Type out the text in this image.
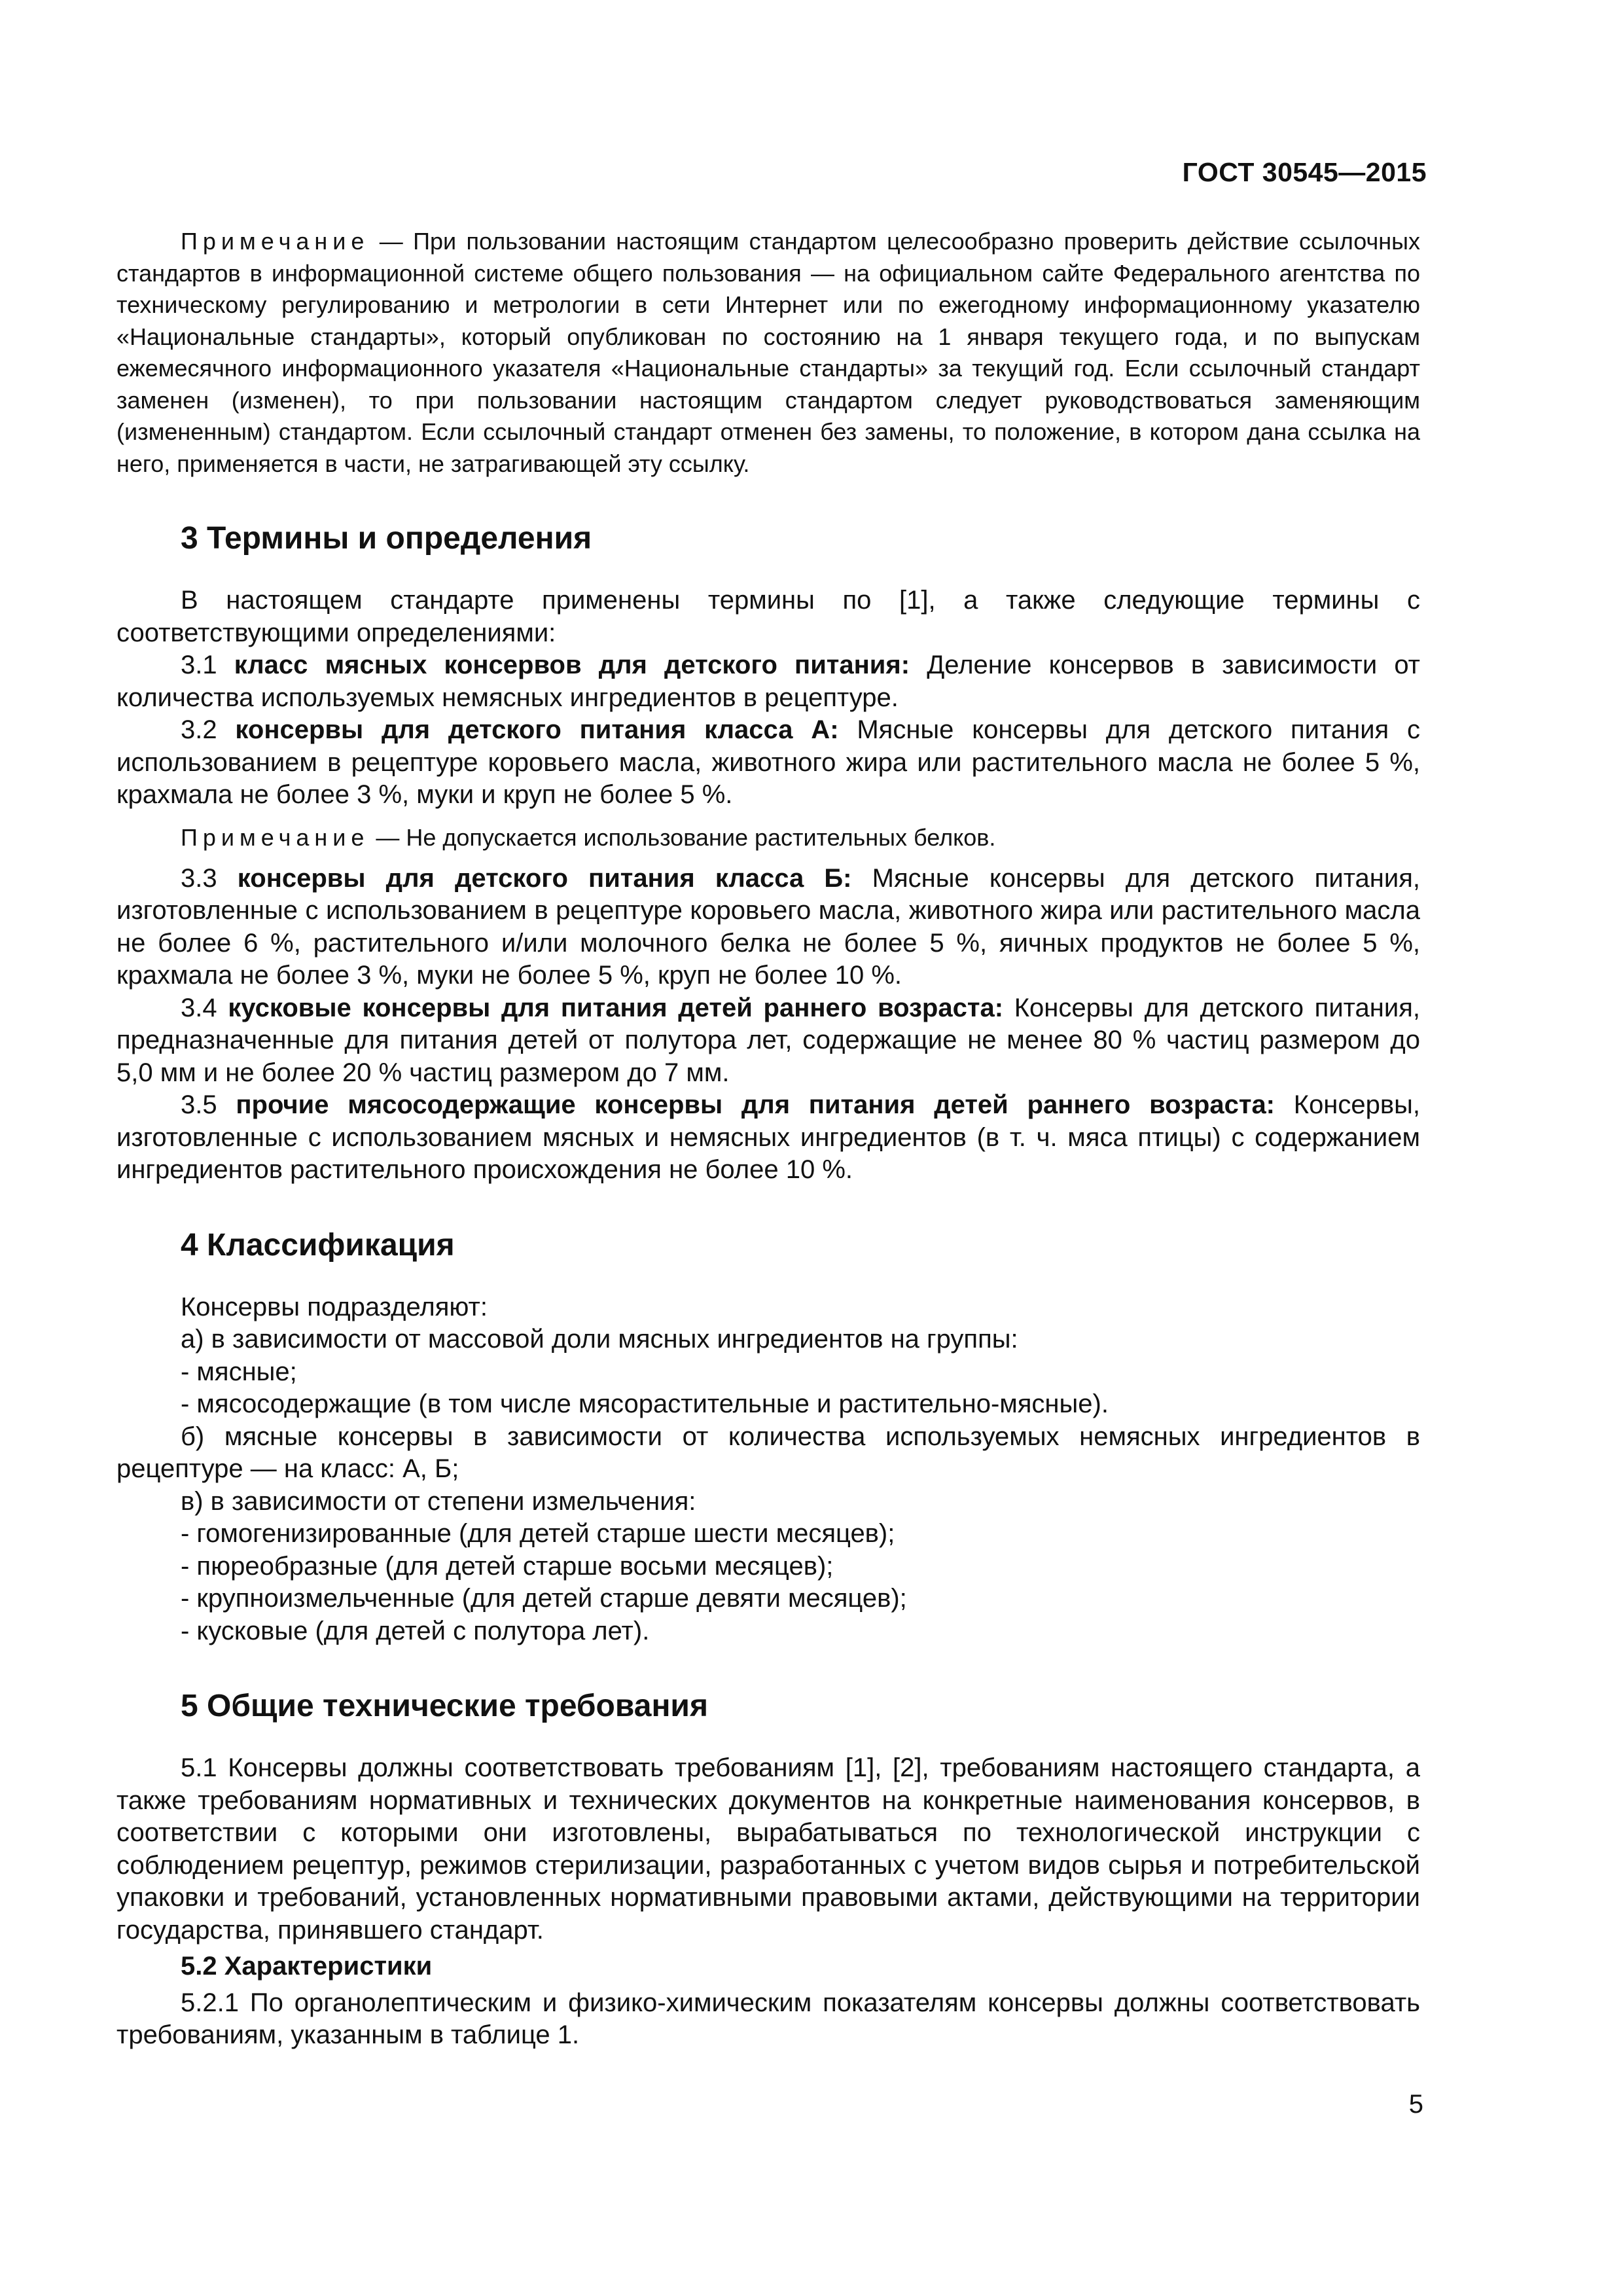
ГОСТ 30545—2015

Примечание — При пользовании настоящим стандартом целесообразно проверить действие ссылочных стандартов в информационной системе общего пользования — на официальном сайте Федерального агентства по техническому регулированию и метрологии в сети Интернет или по ежегодному информационному указателю «Национальные стандарты», который опубликован по состоянию на 1 января текущего года, и по выпускам ежемесячного информационного указателя «Национальные стандарты» за текущий год. Если ссылочный стандарт заменен (изменен), то при пользовании настоящим стандартом следует руководствоваться заменяющим (измененным) стандартом. Если ссылочный стандарт отменен без замены, то положение, в котором дана ссылка на него, применяется в части, не затрагивающей эту ссылку.

3 Термины и определения

В настоящем стандарте применены термины по [1], а также следующие термины с соответствующими определениями:

3.1 класс мясных консервов для детского питания: Деление консервов в зависимости от количества используемых немясных ингредиентов в рецептуре.

3.2 консервы для детского питания класса А: Мясные консервы для детского питания с использованием в рецептуре коровьего масла, животного жира или растительного масла не более 5 %, крахмала не более 3 %, муки и круп не более 5 %.

Примечание — Не допускается использование растительных белков.

3.3 консервы для детского питания класса Б: Мясные консервы для детского питания, изготовленные с использованием в рецептуре коровьего масла, животного жира или растительного масла не более 6 %, растительного и/или молочного белка не более 5 %, яичных продуктов не более 5 %, крахмала не более 3 %, муки не более 5 %, круп не более 10 %.

3.4 кусковые консервы для питания детей раннего возраста: Консервы для детского питания, предназначенные для питания детей от полутора лет, содержащие не менее 80 % частиц размером до 5,0 мм и не более 20 % частиц размером до 7 мм.

3.5 прочие мясосодержащие консервы для питания детей раннего возраста: Консервы, изготовленные с использованием мясных и немясных ингредиентов (в т. ч. мяса птицы) с содержанием ингредиентов растительного происхождения не более 10 %.

4 Классификация

Консервы подразделяют:

а) в зависимости от массовой доли мясных ингредиентов на группы:

- мясные;

- мясосодержащие (в том числе мясорастительные и растительно-мясные).

б) мясные консервы в зависимости от количества используемых немясных ингредиентов в рецептуре — на класс: А, Б;

в) в зависимости от степени измельчения:

- гомогенизированные (для детей старше шести месяцев);

- пюреобразные (для детей старше восьми месяцев);

- крупноизмельченные (для детей старше девяти месяцев);

- кусковые (для детей с полутора лет).

5 Общие технические требования

5.1 Консервы должны соответствовать требованиям [1], [2], требованиям настоящего стандарта, а также требованиям нормативных и технических документов на конкретные наименования консервов, в соответствии с которыми они изготовлены, вырабатываться по технологической инструкции с соблюдением рецептур, режимов стерилизации, разработанных с учетом видов сырья и потребительской упаковки и требований, установленных нормативными правовыми актами, действующими на территории государства, принявшего стандарт.

5.2 Характеристики

5.2.1 По органолептическим и физико-химическим показателям консервы должны соответствовать требованиям, указанным в таблице 1.

5
